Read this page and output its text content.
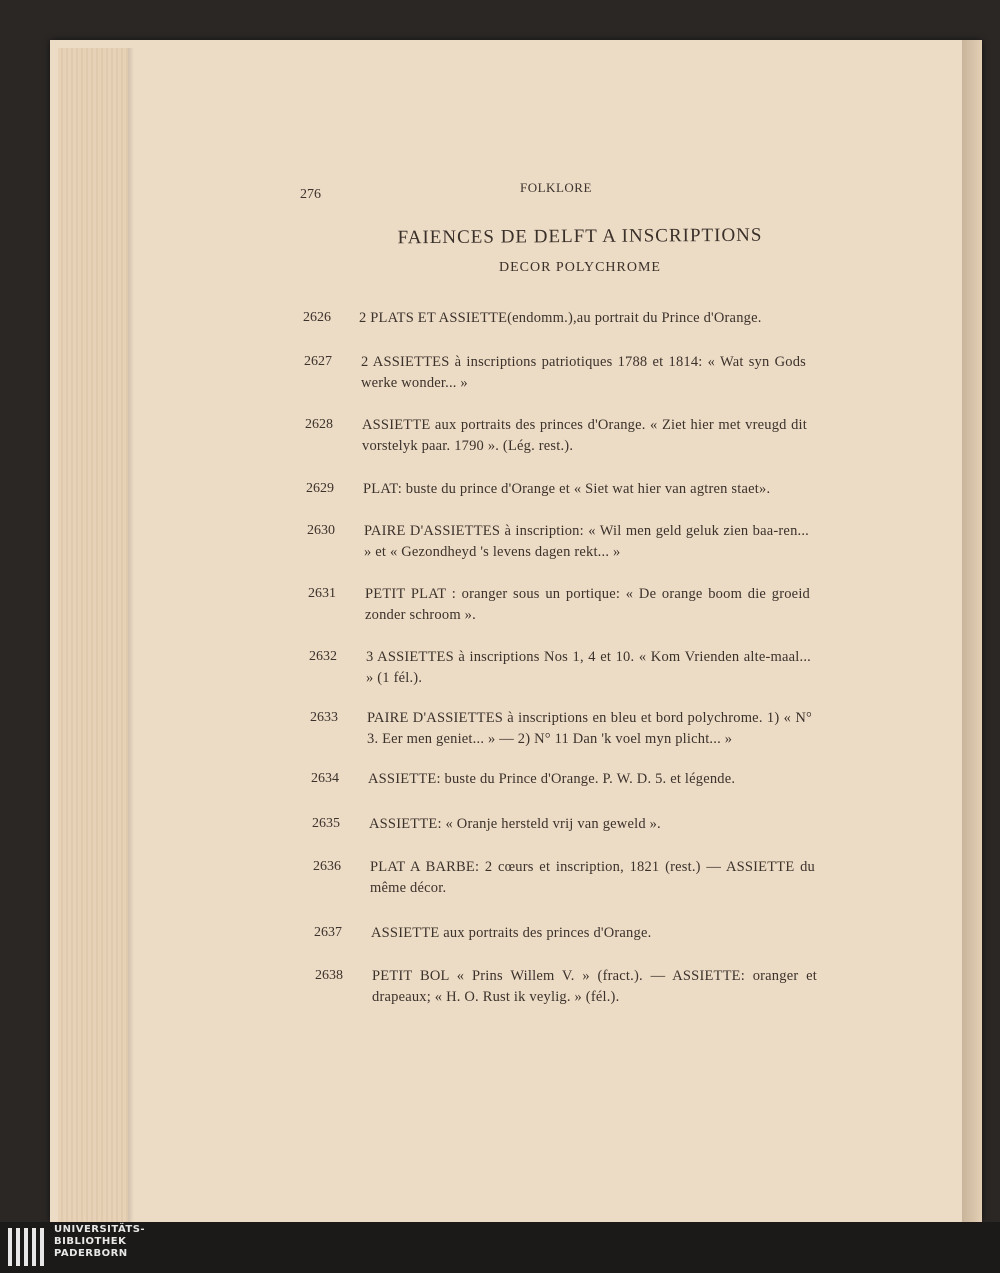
276	FOLKLORE
FAIENCES DE DELFT A INSCRIPTIONS
DECOR POLYCHROME
2626 2 PLATS ET ASSIETTE(endomm.),au portrait du Prince d'Orange.
2627 2 ASSIETTES à inscriptions patriotiques 1788 et 1814: « Wat syn Gods werke wonder... »
2628 ASSIETTE aux portraits des princes d'Orange. « Ziet hier met vreugd dit vorstelyk paar. 1790 ». (Lég. rest.).
2629 PLAT: buste du prince d'Orange et « Siet wat hier van agtren staet».
2630 PAIRE D'ASSIETTES à inscription: « Wil men geld geluk zien baa-ren... » et « Gezondheyd 's levens dagen rekt... »
2631 PETIT PLAT : oranger sous un portique: « De orange boom die groeid zonder schroom ».
2632 3 ASSIETTES à inscriptions Nos 1, 4 et 10. « Kom Vrienden alte-maal... » (1 fél.).
2633 PAIRE D'ASSIETTES à inscriptions en bleu et bord polychrome. 1) « N° 3. Eer men geniet... » — 2) N° 11 Dan 'k voel myn plicht... »
2634 ASSIETTE: buste du Prince d'Orange. P. W. D. 5. et légende.
2635 ASSIETTE: « Oranje hersteld vrij van geweld ».
2636 PLAT A BARBE: 2 cœurs et inscription, 1821 (rest.) — ASSIETTE du même décor.
2637 ASSIETTE aux portraits des princes d'Orange.
2638 PETIT BOL « Prins Willem V. » (fract.). — ASSIETTE: oranger et drapeaux; « H. O. Rust ik veylig. » (fél.).
UNIVERSITÄTS-
BIBLIOTHEK
PADERBORN
